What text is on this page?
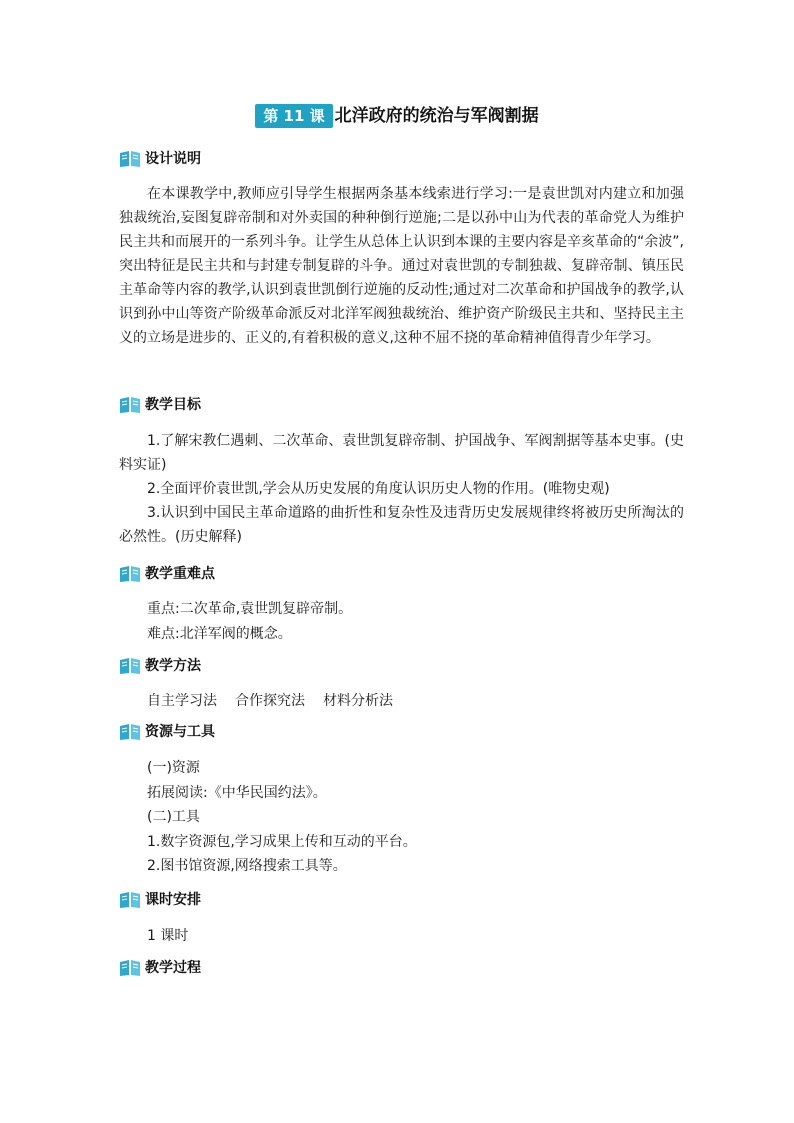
第 11 课 北洋政府的统治与军阀割据
设计说明

在本课教学中,教师应引导学生根据两条基本线索进行学习:一是袁世凯对内建立和加强独裁统治,妄图复辟帝制和对外卖国的种种倒行逆施;二是以孙中山为代表的革命党人为维护民主共和而展开的一系列斗争。让学生从总体上认识到本课的主要内容是辛亥革命的“余波”,突出特征是民主共和与封建专制复辟的斗争。通过对袁世凯的专制独裁、复辟帝制、镇压民主革命等内容的教学,认识到袁世凯倒行逆施的反动性;通过对二次革命和护国战争的教学,认识到孙中山等资产阶级革命派反对北洋军阀独裁统治、维护资产阶级民主共和、坚持民主主义的立场是进步的、正义的,有着积极的意义,这种不屈不挠的革命精神值得青少年学习。

教学目标

1.了解宋教仁遇刺、二次革命、袁世凯复辟帝制、护国战争、军阀割据等基本史事。(史料实证)

2.全面评价袁世凯,学会从历史发展的角度认识历史人物的作用。(唯物史观)

3.认识到中国民主革命道路的曲折性和复杂性及违背历史发展规律终将被历史所淘汰的必然性。(历史解释)

教学重难点
重点:二次革命,袁世凯复辟帝制。
难点:北洋军阀的概念。
教学方法
自主学习法 合作探究法 材料分析法
资源与工具
(一)资源
拓展阅读:《中华民国约法》。
(二)工具
1.数字资源包,学习成果上传和互动的平台。
2.图书馆资源,网络搜索工具等。
课时安排
1 课时
教学过程
